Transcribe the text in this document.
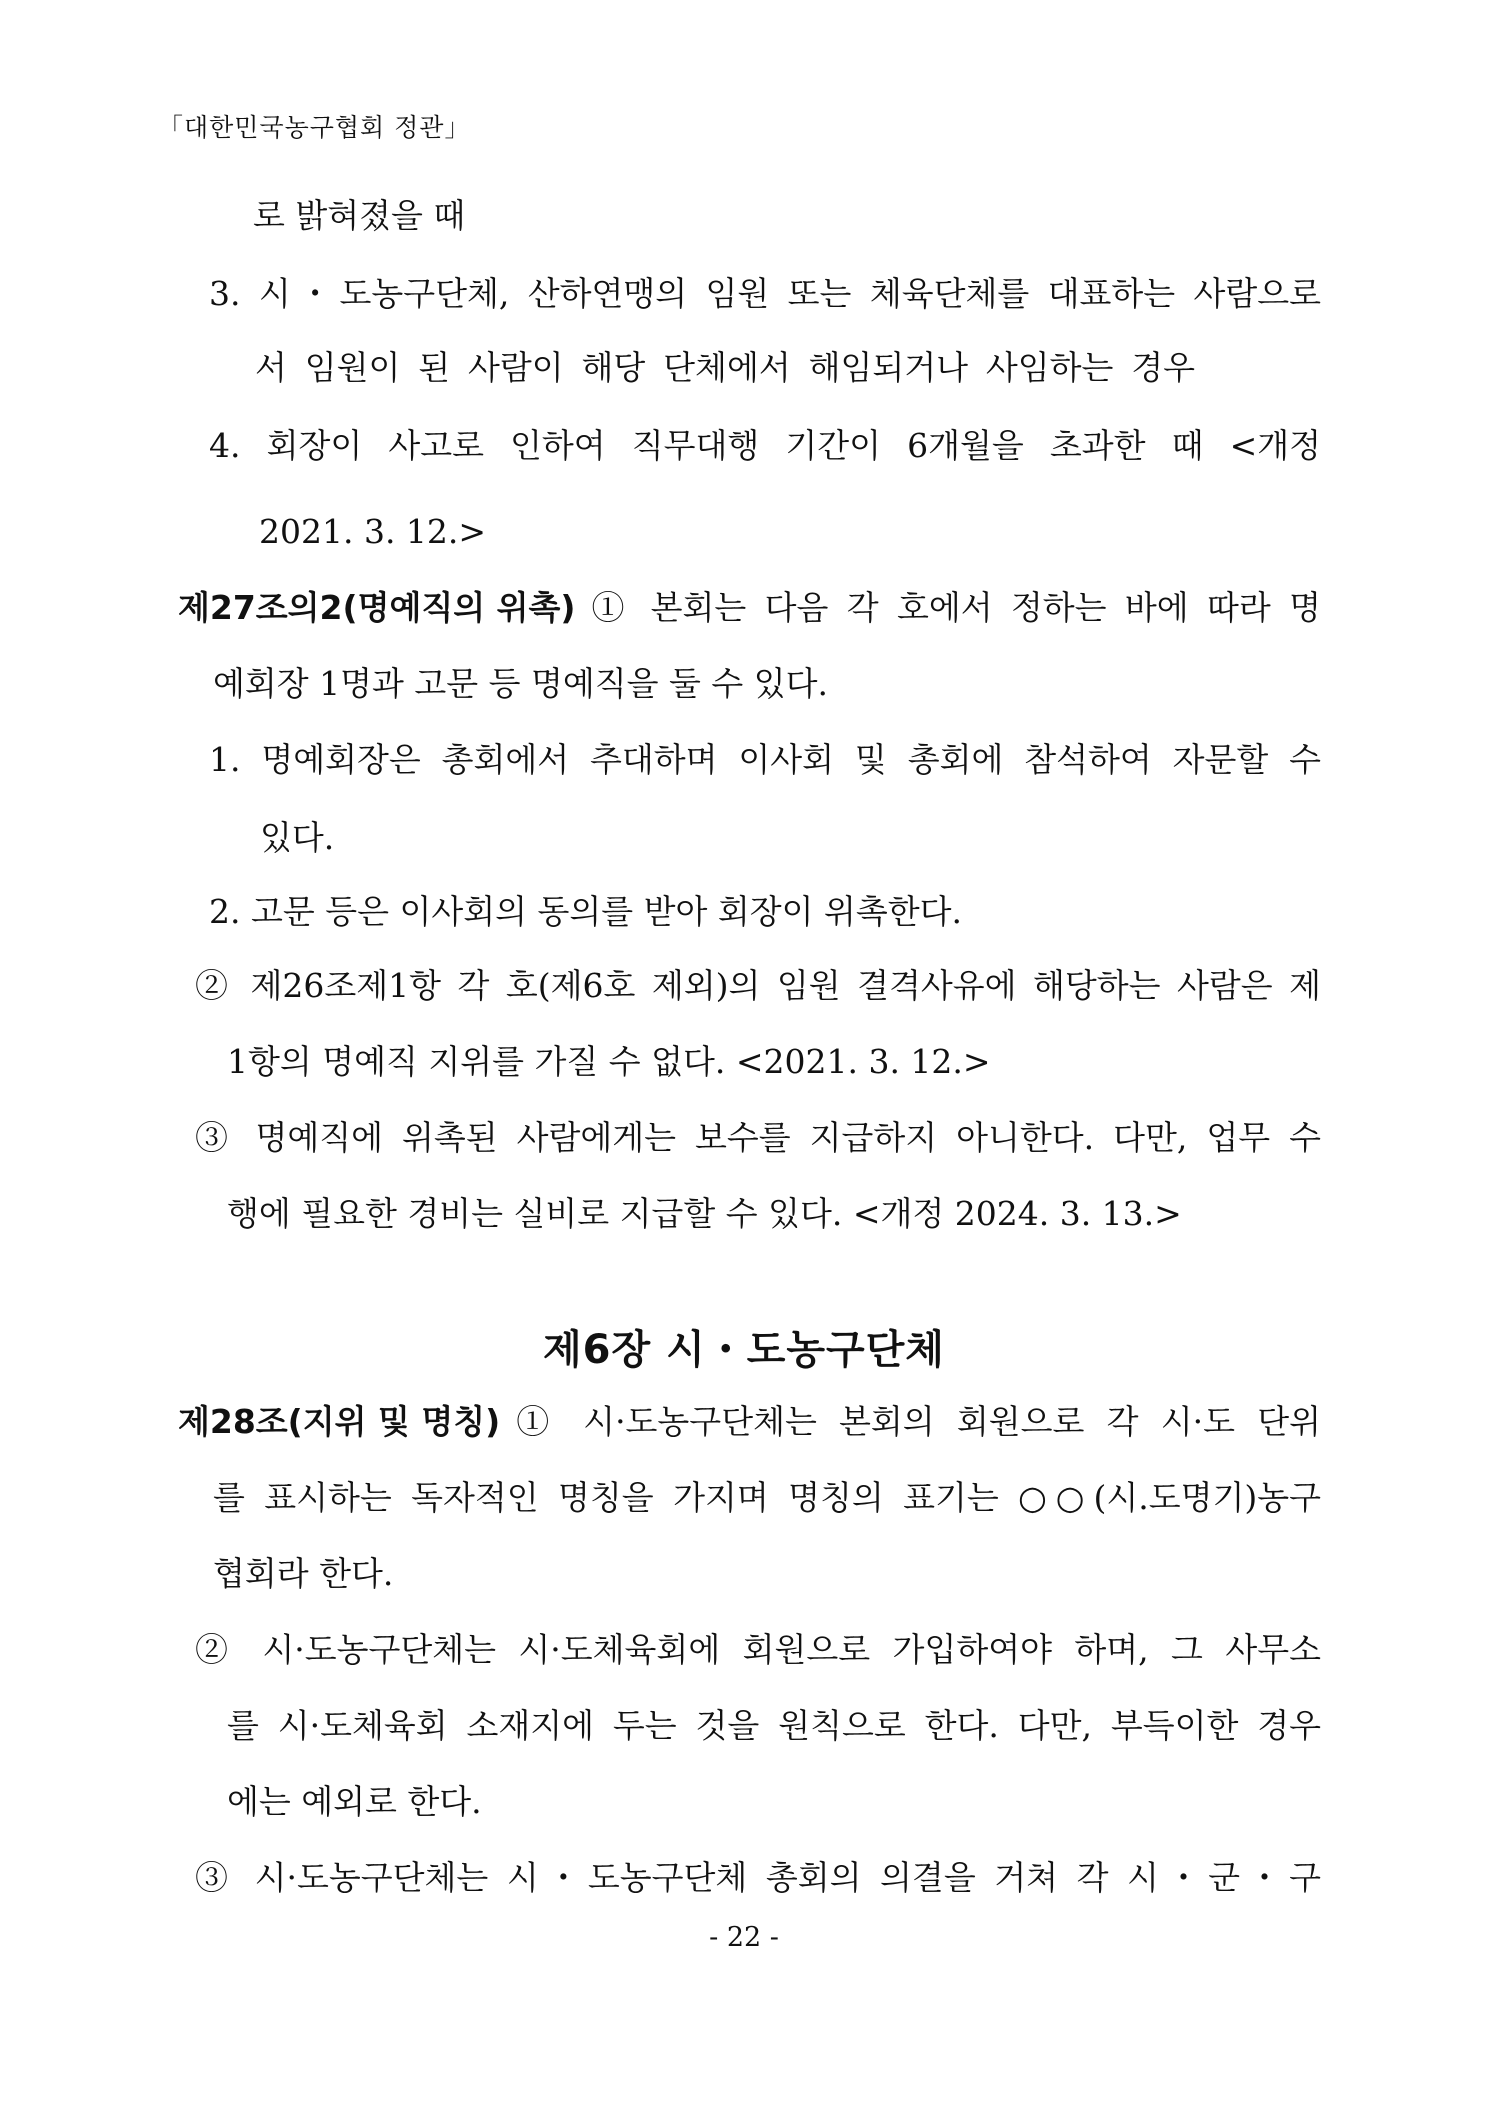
「대한민국농구협회 정관」
로 밝혀졌을 때
3. 시・도농구단체, 산하연맹의 임원 또는 체육단체를 대표하는 사람으로
서 임원이 된 사람이 해당 단체에서 해임되거나 사임하는 경우
4. 회장이 사고로 인하여 직무대행 기간이 6개월을 초과한 때 <개정
2021. 3. 12.>
제27조의2(명예직의 위촉) ① 본회는 다음 각 호에서 정하는 바에 따라 명
예회장 1명과 고문 등 명예직을 둘 수 있다.
1. 명예회장은 총회에서 추대하며 이사회 및 총회에 참석하여 자문할 수
있다.
2. 고문 등은 이사회의 동의를 받아 회장이 위촉한다.
② 제26조제1항 각 호(제6호 제외)의 임원 결격사유에 해당하는 사람은 제
1항의 명예직 지위를 가질 수 없다. <2021. 3. 12.>
③ 명예직에 위촉된 사람에게는 보수를 지급하지 아니한다. 다만, 업무 수
행에 필요한 경비는 실비로 지급할 수 있다. <개정 2024. 3. 13.>
제6장 시・도농구단체
제28조(지위 및 명칭) ① 시·도농구단체는 본회의 회원으로 각 시·도 단위
를 표시하는 독자적인 명칭을 가지며 명칭의 표기는 ○○(시.도명기)농구
협회라 한다.
② 시·도농구단체는 시·도체육회에 회원으로 가입하여야 하며, 그 사무소
를 시·도체육회 소재지에 두는 것을 원칙으로 한다. 다만, 부득이한 경우
에는 예외로 한다.
③ 시·도농구단체는 시・도농구단체 총회의 의결을 거쳐 각 시・군・구
- 22 -
